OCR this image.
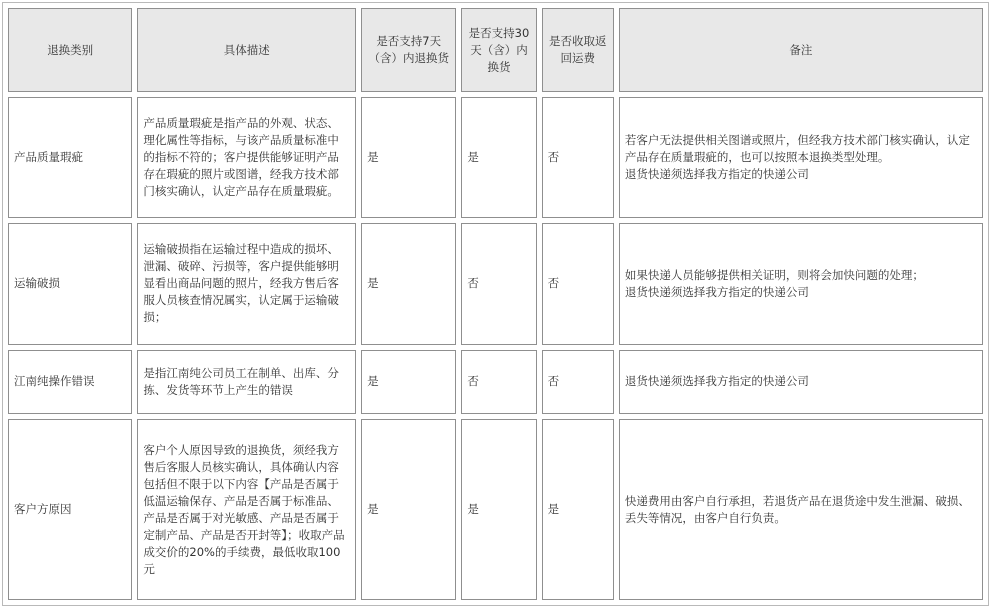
退换类别	具体描述	是否支持7天（含）内退换货	是否支持30天（含）内换货	是否收取返回运费	备注
产品质量瑕疵	产品质量瑕疵是指产品的外观、状态、理化属性等指标，与该产品质量标准中的指标不符的；客户提供能够证明产品存在瑕疵的照片或图谱，经我方技术部门核实确认，认定产品存在质量瑕疵。	是	是	否	若客户无法提供相关图谱或照片，但经我方技术部门核实确认，认定产品存在质量瑕疵的，也可以按照本退换类型处理。
退货快递须选择我方指定的快递公司

运输破损	运输破损指在运输过程中造成的损坏、泄漏、破碎、污损等，客户提供能够明显看出商品问题的照片，经我方售后客服人员核查情况属实，认定属于运输破损；	是	否	否	如果快递人员能够提供相关证明，则将会加快问题的处理；
退货快递须选择我方指定的快递公司

江南纯操作错误	是指江南纯公司员工在制单、出库、分拣、发货等环节上产生的错误	是	否	否	退货快递须选择我方指定的快递公司

客户方原因	客户个人原因导致的退换货，须经我方售后客服人员核实确认，具体确认内容包括但不限于以下内容【产品是否属于低温运输保存、产品是否属于标准品、产品是否属于对光敏感、产品是否属于定制产品、产品是否开封等】；收取产品成交价的20%的手续费，最低收取100元	是	是	是	快递费用由客户自行承担，若退货产品在退货途中发生泄漏、破损、丢失等情况，由客户自行负责。
